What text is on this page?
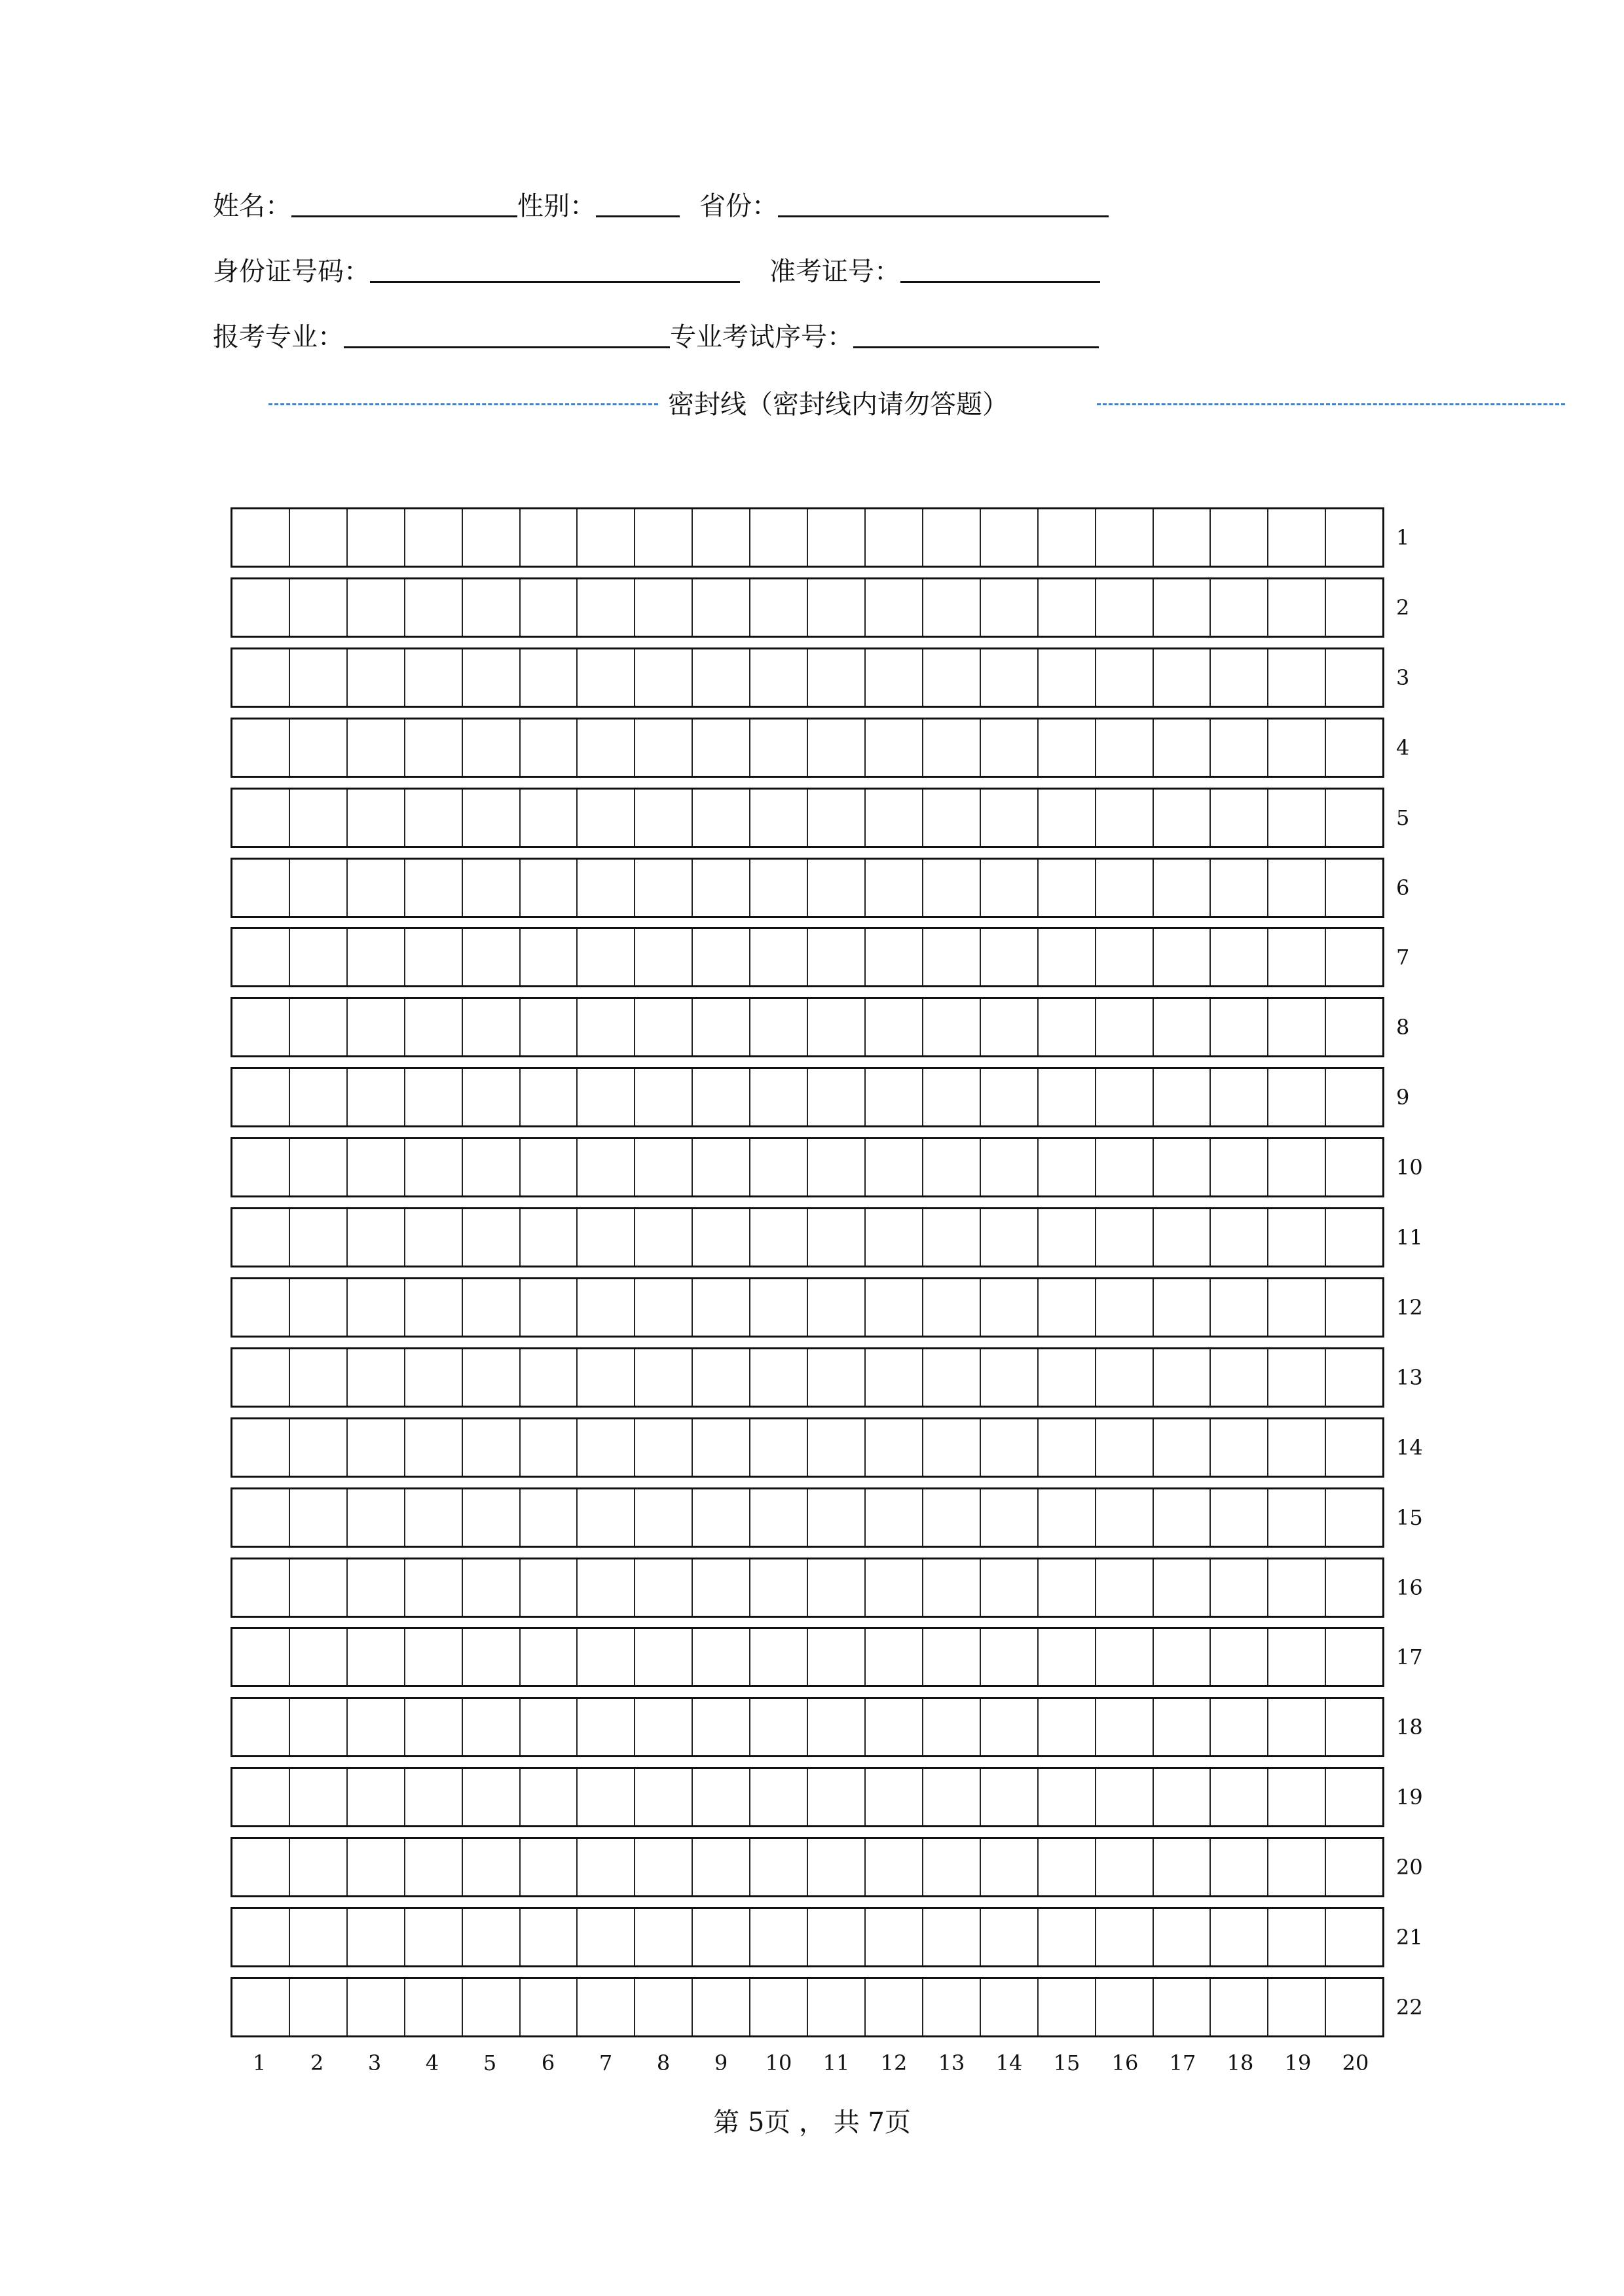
姓名：	性别：	省份：
身份证号码：	准考证号：
报考专业：	专业考试序号：
密封线（密封线内请勿答题）
1
2
3
4
5
6
7
8
9
10
11
12
13
14
15
16
17
18
19
20
21
22
1	2	3	4	5	6	7	8	9	10	11	12	13	14	15	16	17	18	19	20
第 5页 ， 共 7页
